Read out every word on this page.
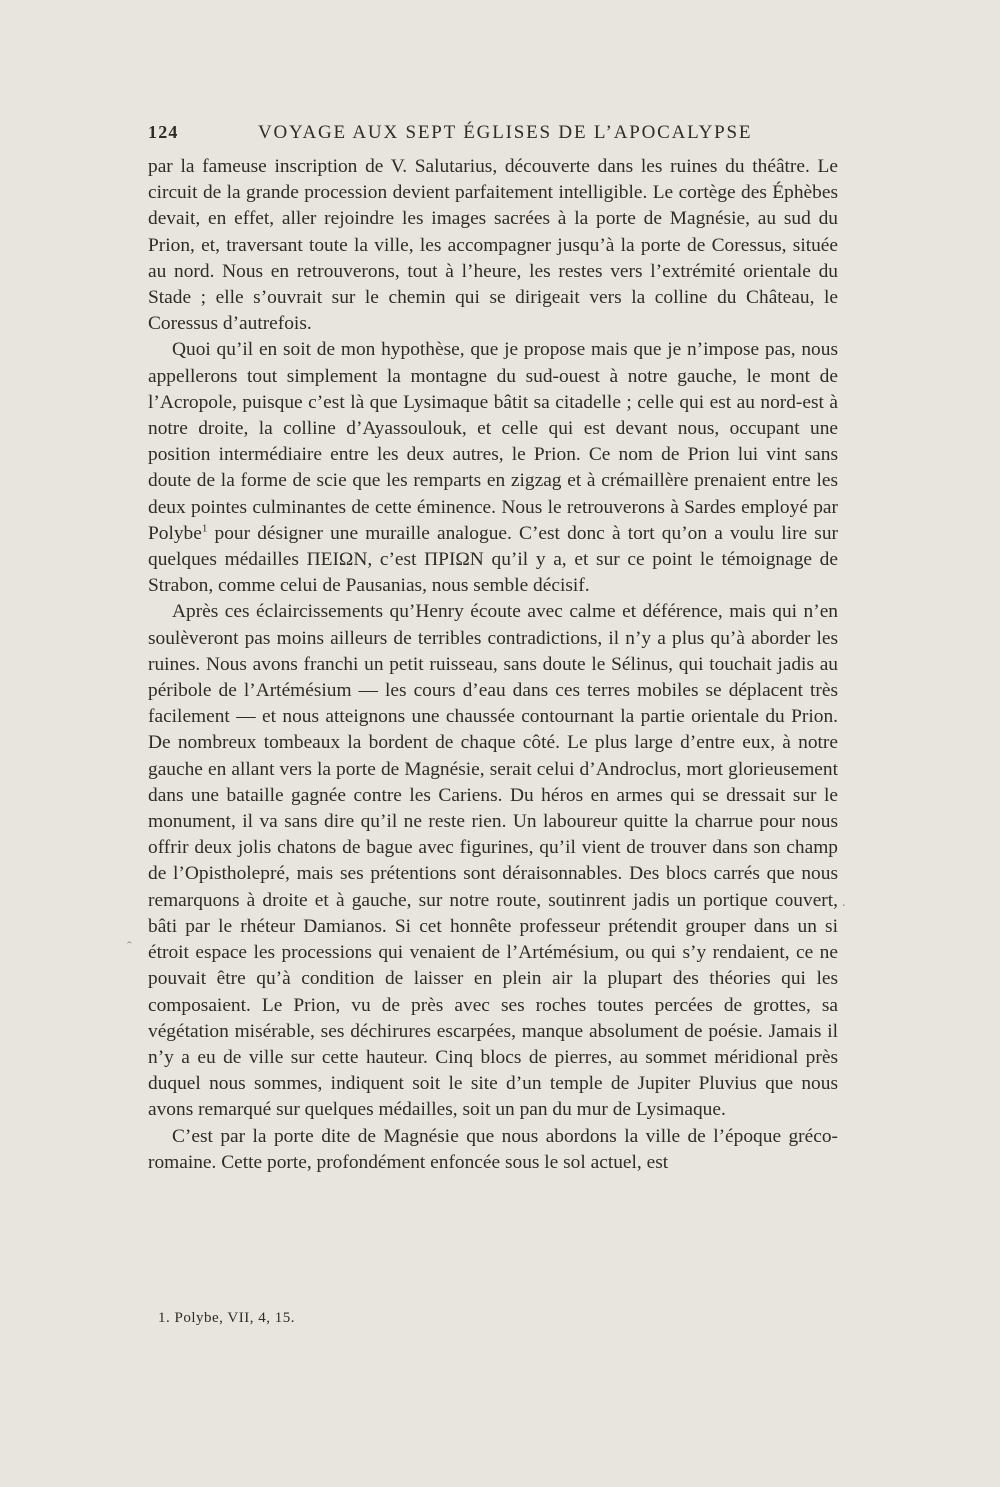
124	VOYAGE AUX SEPT ÉGLISES DE L’APOCALYPSE

par la fameuse inscription de V. Salutarius, découverte dans les ruines du théâtre. Le circuit de la grande procession devient parfaitement intelligible. Le cortège des Éphèbes devait, en effet, aller rejoindre les images sacrées à la porte de Magnésie, au sud du Prion, et, traversant toute la ville, les accompagner jusqu’à la porte de Coressus, située au nord. Nous en retrouverons, tout à l’heure, les restes vers l’extrémité orientale du Stade ; elle s’ouvrait sur le chemin qui se dirigeait vers la colline du Château, le Coressus d’autrefois.

Quoi qu’il en soit de mon hypothèse, que je propose mais que je n’impose pas, nous appellerons tout simplement la montagne du sud-ouest à notre gauche, le mont de l’Acropole, puisque c’est là que Lysimaque bâtit sa citadelle ; celle qui est au nord-est à notre droite, la colline d’Ayassoulouk, et celle qui est devant nous, occupant une position intermédiaire entre les deux autres, le Prion. Ce nom de Prion lui vint sans doute de la forme de scie que les remparts en zigzag et à crémaillère prenaient entre les deux pointes culminantes de cette éminence. Nous le retrouverons à Sardes employé par Polybe$^1$ pour désigner une muraille analogue. C’est donc à tort qu’on a voulu lire sur quelques médailles ΠΕΙΩΝ, c’est ΠΡΙΩΝ qu’il y a, et sur ce point le témoignage de Strabon, comme celui de Pausanias, nous semble décisif.

Après ces éclaircissements qu’Henry écoute avec calme et déférence, mais qui n’en soulèveront pas moins ailleurs de terribles contradictions, il n’y a plus qu’à aborder les ruines. Nous avons franchi un petit ruisseau, sans doute le Sélinus, qui touchait jadis au péribole de l’Artémésium — les cours d’eau dans ces terres mobiles se déplacent très facilement — et nous atteignons une chaussée contournant la partie orientale du Prion. De nombreux tombeaux la bordent de chaque côté. Le plus large d’entre eux, à notre gauche en allant vers la porte de Magnésie, serait celui d’Androclus, mort glorieusement dans une bataille gagnée contre les Cariens. Du héros en armes qui se dressait sur le monument, il va sans dire qu’il ne reste rien. Un laboureur quitte la charrue pour nous offrir deux jolis chatons de bague avec figurines, qu’il vient de trouver dans son champ de l’Opistholepré, mais ses prétentions sont déraisonnables. Des blocs carrés que nous remarquons à droite et à gauche, sur notre route, soutinrent jadis un portique couvert, bâti par le rhéteur Damianos. Si cet honnête professeur prétendit grouper dans un si étroit espace les processions qui venaient de l’Artémésium, ou qui s’y rendaient, ce ne pouvait être qu’à condition de laisser en plein air la plupart des théories qui les composaient. Le Prion, vu de près avec ses roches toutes percées de grottes, sa végétation misérable, ses déchirures escarpées, manque absolument de poésie. Jamais il n’y a eu de ville sur cette hauteur. Cinq blocs de pierres, au sommet méridional près duquel nous sommes, indiquent soit le site d’un temple de Jupiter Pluvius que nous avons remarqué sur quelques médailles, soit un pan du mur de Lysimaque.

C’est par la porte dite de Magnésie que nous abordons la ville de l’époque gréco-romaine. Cette porte, profondément enfoncée sous le sol actuel, est

1. Polybe, VII, 4, 15.
.
ˆ
